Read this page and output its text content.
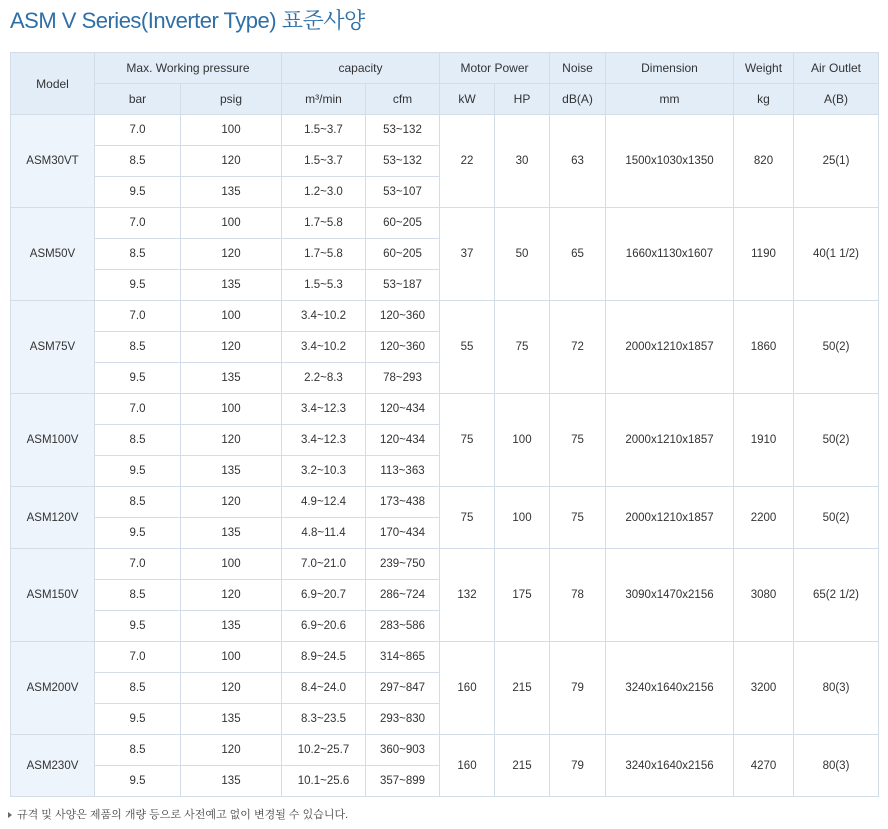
ASM V Series(Inverter Type) 표준사양
Model	Max. Working pressure		capacity		Motor Power		Noise	Dimension	Weight	Air Outlet
	bar	psig	m³/min	cfm	kW	HP	dB(A)	mm	kg	A(B)
ASM30VT	7.0	100	1.5~3.7	53~132	22	30	63	1500x1030x1350	820	25(1)
	8.5	120	1.5~3.7	53~132						
	9.5	135	1.2~3.0	53~107						
ASM50V	7.0	100	1.7~5.8	60~205	37	50	65	1660x1130x1607	1190	40(1 1/2)
	8.5	120	1.7~5.8	60~205						
	9.5	135	1.5~5.3	53~187						
ASM75V	7.0	100	3.4~10.2	120~360	55	75	72	2000x1210x1857	1860	50(2)
	8.5	120	3.4~10.2	120~360						
	9.5	135	2.2~8.3	78~293						
ASM100V	7.0	100	3.4~12.3	120~434	75	100	75	2000x1210x1857	1910	50(2)
	8.5	120	3.4~12.3	120~434						
	9.5	135	3.2~10.3	113~363						
ASM120V	8.5	120	4.9~12.4	173~438	75	100	75	2000x1210x1857	2200	50(2)
	9.5	135	4.8~11.4	170~434						
ASM150V	7.0	100	7.0~21.0	239~750	132	175	78	3090x1470x2156	3080	65(2 1/2)
	8.5	120	6.9~20.7	286~724						
	9.5	135	6.9~20.6	283~586						
ASM200V	7.0	100	8.9~24.5	314~865	160	215	79	3240x1640x2156	3200	80(3)
	8.5	120	8.4~24.0	297~847						
	9.5	135	8.3~23.5	293~830						
ASM230V	8.5	120	10.2~25.7	360~903	160	215	79	3240x1640x2156	4270	80(3)
	9.5	135	10.1~25.6	357~899						
규격 및 사양은 제품의 개량 등으로 사전예고 없이 변경될 수 있습니다.
